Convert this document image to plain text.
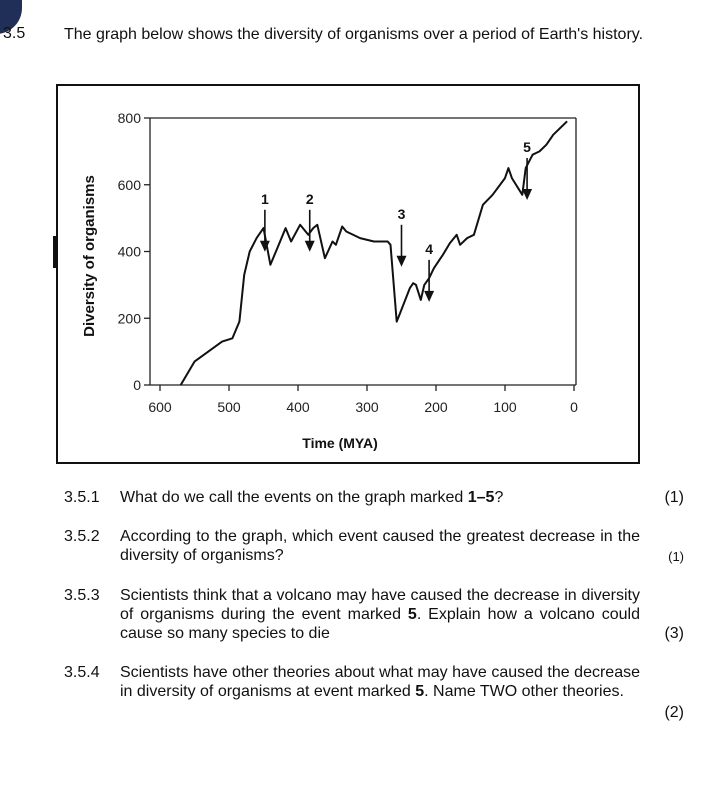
3.5 The graph below shows the diversity of organisms over a period of Earth's history.
0
200
400
600
800
600	500	400	300	200	100	0
1	2
3
4
5
Diversity of organisms
Time (MYA)
3.5.1 What do we call the events on the graph marked 1–5?	(1)
3.5.2 According to the graph, which event caused the greatest decrease in the diversity of organisms?	(1)
3.5.3 Scientists think that a volcano may have caused the decrease in diversity of organisms during the event marked 5. Explain how a volcano could cause so many species to die	(3)
3.5.4 Scientists have other theories about what may have caused the decrease in diversity of organisms at event marked 5. Name TWO other theories.
(2)
